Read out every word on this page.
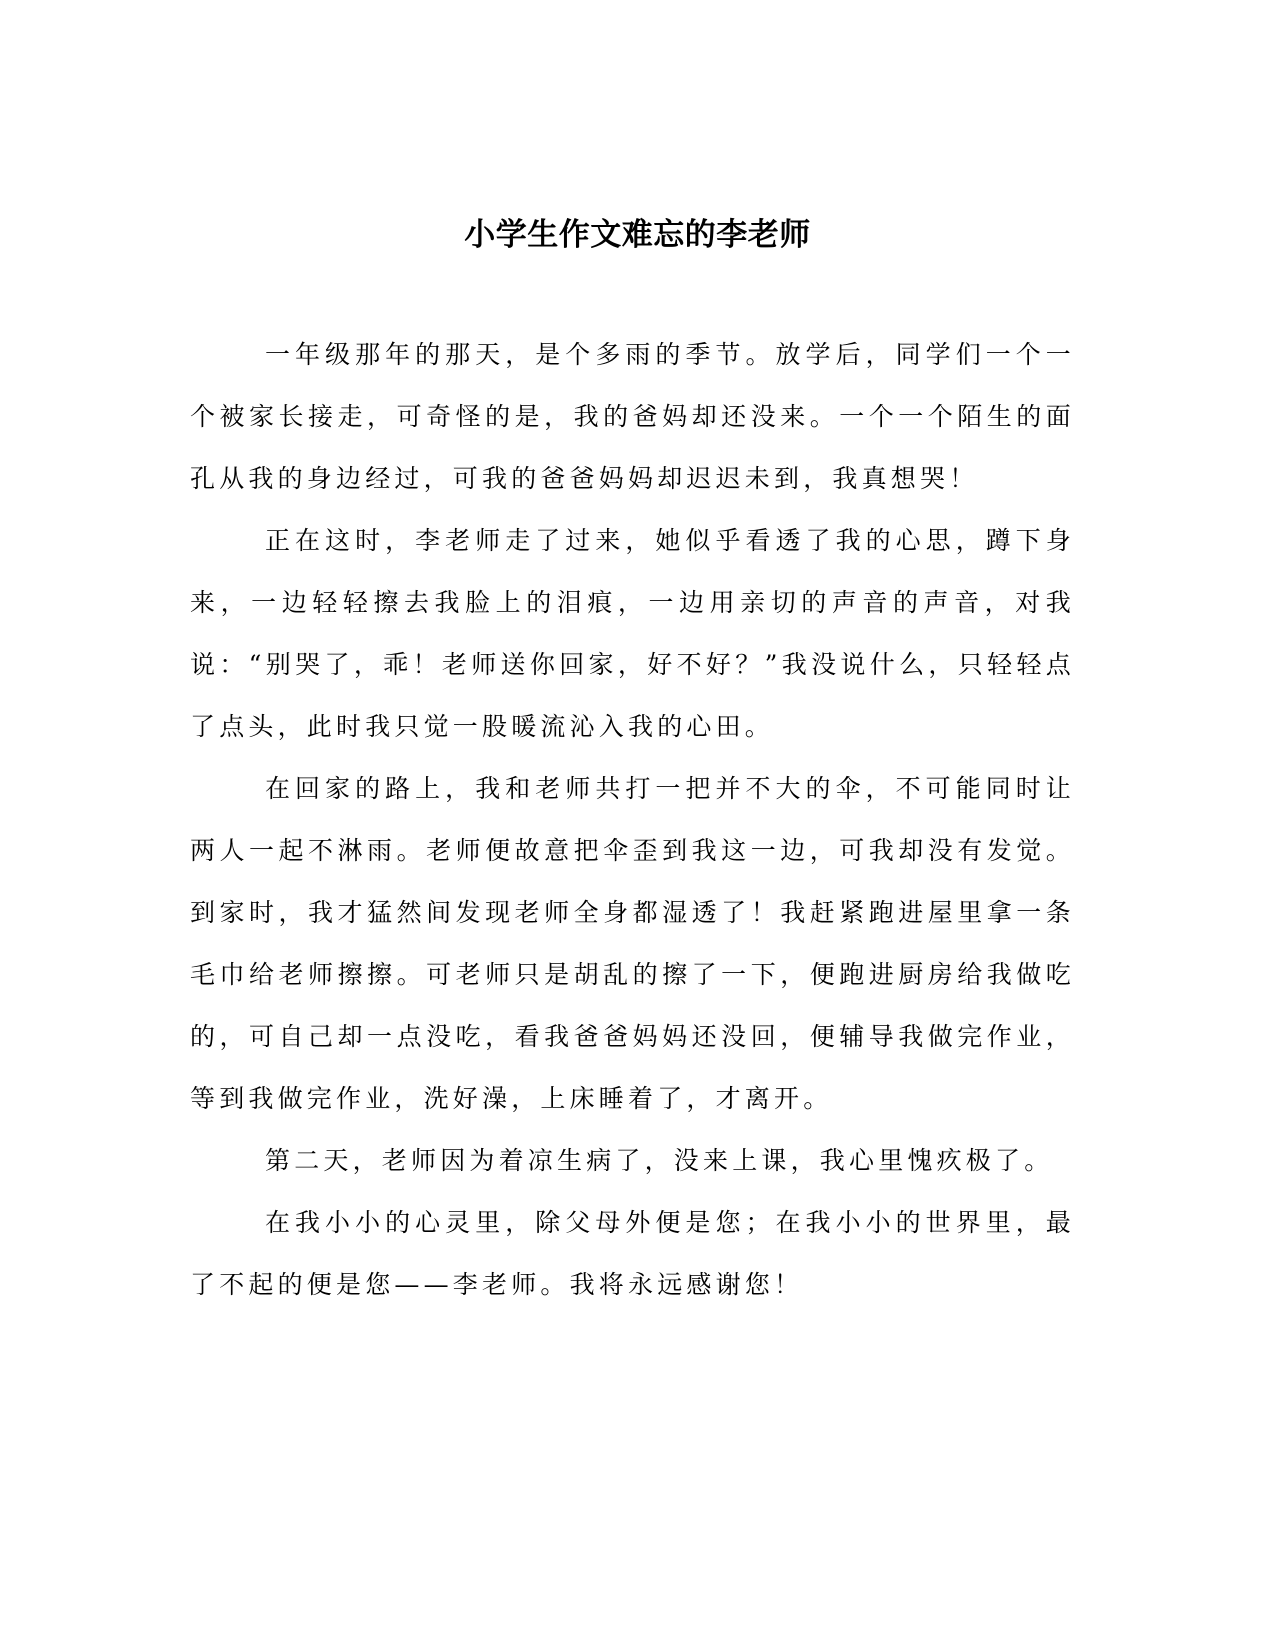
小学生作文难忘的李老师

一年级那年的那天，是个多雨的季节。放学后，同学们一个一个被家长接走，可奇怪的是，我的爸妈却还没来。一个一个陌生的面孔从我的身边经过，可我的爸爸妈妈却迟迟未到，我真想哭！

正在这时，李老师走了过来，她似乎看透了我的心思，蹲下身来，一边轻轻擦去我脸上的泪痕，一边用亲切的声音的声音，对我说：“别哭了，乖！老师送你回家，好不好？”我没说什么，只轻轻点了点头，此时我只觉一股暖流沁入我的心田。

在回家的路上，我和老师共打一把并不大的伞，不可能同时让两人一起不淋雨。老师便故意把伞歪到我这一边，可我却没有发觉。到家时，我才猛然间发现老师全身都湿透了！我赶紧跑进屋里拿一条毛巾给老师擦擦。可老师只是胡乱的擦了一下，便跑进厨房给我做吃的，可自己却一点没吃，看我爸爸妈妈还没回，便辅导我做完作业，等到我做完作业，洗好澡，上床睡着了，才离开。

第二天，老师因为着凉生病了，没来上课，我心里愧疚极了。

在我小小的心灵里，除父母外便是您；在我小小的世界里，最了不起的便是您——李老师。我将永远感谢您！
